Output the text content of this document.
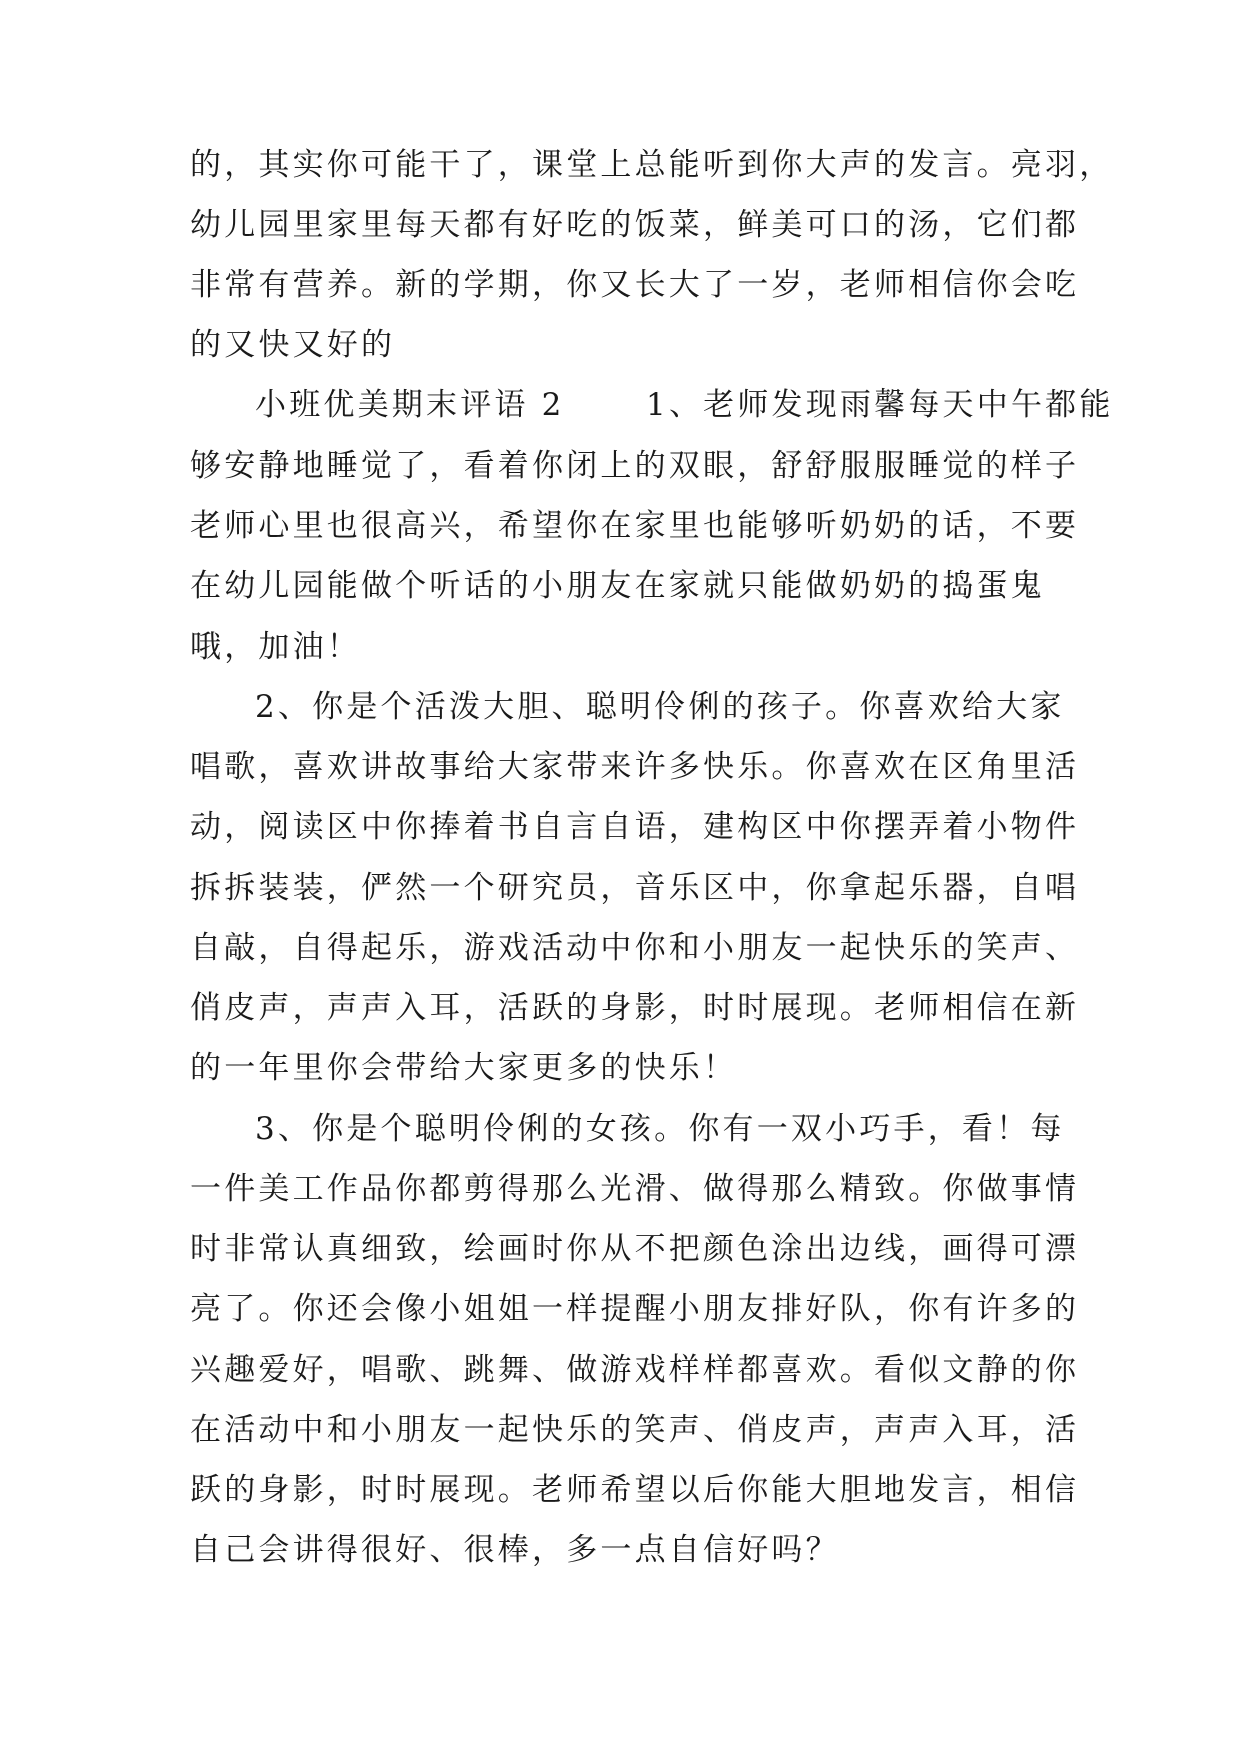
的，其实你可能干了，课堂上总能听到你大声的发言。亮羽，
幼儿园里家里每天都有好吃的饭菜，鲜美可口的汤，它们都
非常有营养。新的学期，你又长大了一岁，老师相信你会吃
的又快又好的
小班优美期末评语 2　　 1、老师发现雨馨每天中午都能
够安静地睡觉了，看着你闭上的双眼，舒舒服服睡觉的样子
老师心里也很高兴，希望你在家里也能够听奶奶的话，不要
在幼儿园能做个听话的小朋友在家就只能做奶奶的捣蛋鬼
哦，加油！
2、你是个活泼大胆、聪明伶俐的孩子。你喜欢给大家
唱歌，喜欢讲故事给大家带来许多快乐。你喜欢在区角里活
动，阅读区中你捧着书自言自语，建构区中你摆弄着小物件
拆拆装装，俨然一个研究员，音乐区中，你拿起乐器，自唱
自敲，自得起乐，游戏活动中你和小朋友一起快乐的笑声、
俏皮声，声声入耳，活跃的身影，时时展现。老师相信在新
的一年里你会带给大家更多的快乐！
3、你是个聪明伶俐的女孩。你有一双小巧手，看！每
一件美工作品你都剪得那么光滑、做得那么精致。你做事情
时非常认真细致，绘画时你从不把颜色涂出边线，画得可漂
亮了。你还会像小姐姐一样提醒小朋友排好队，你有许多的
兴趣爱好，唱歌、跳舞、做游戏样样都喜欢。看似文静的你
在活动中和小朋友一起快乐的笑声、俏皮声，声声入耳，活
跃的身影，时时展现。老师希望以后你能大胆地发言，相信
自己会讲得很好、很棒，多一点自信好吗？
